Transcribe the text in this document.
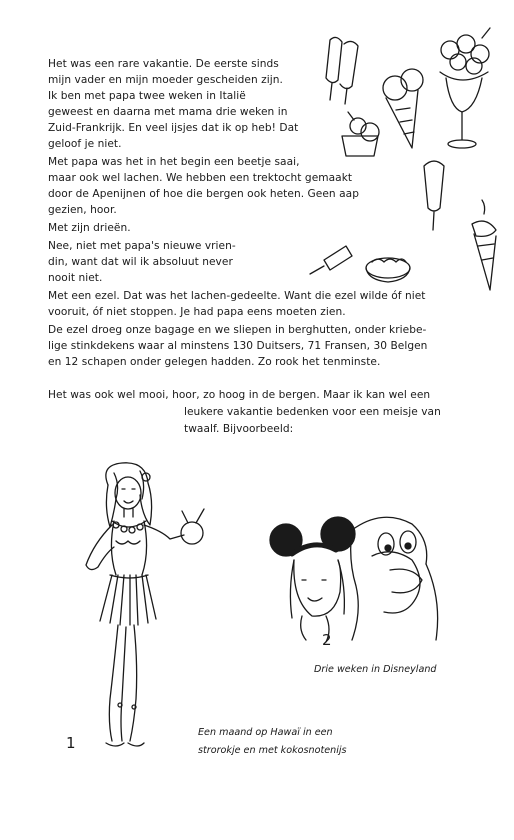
Het was een rare vakantie. De eerste sinds
mijn vader en mijn moeder gescheiden zijn.
Ik ben met papa twee weken in Italië
geweest en daarna met mama drie weken in
Zuid-Frankrijk. En veel ijsjes dat ik op heb! Dat
geloof je niet.
Met papa was het in het begin een beetje saai,
maar ook wel lachen. We hebben een trektocht gemaakt
door de Apenijnen of hoe die bergen ook heten. Geen aap
gezien, hoor.
Met zijn drieën.
Nee, niet met papa's nieuwe vrien-
din, want dat wil ik absoluut never
nooit niet.
Met een ezel. Dat was het lachen-gedeelte. Want die ezel wilde óf niet
vooruit, óf niet stoppen. Je had papa eens moeten zien.
De ezel droeg onze bagage en we sliepen in berghutten, onder kriebe-
lige stinkdekens waar al minstens 130 Duitsers, 71 Fransen, 30 Belgen
en 12 schapen onder gelegen hadden. Zo rook het tenminste.
Het was ook wel mooi, hoor, zo hoog in de bergen. Maar ik kan wel een
leukere vakantie bedenken voor een meisje van
twaalf. Bijvoorbeeld:
2
Drie weken in Disneyland
Een maand op Hawaï in een
strorokje en met kokosnotenijs
1
